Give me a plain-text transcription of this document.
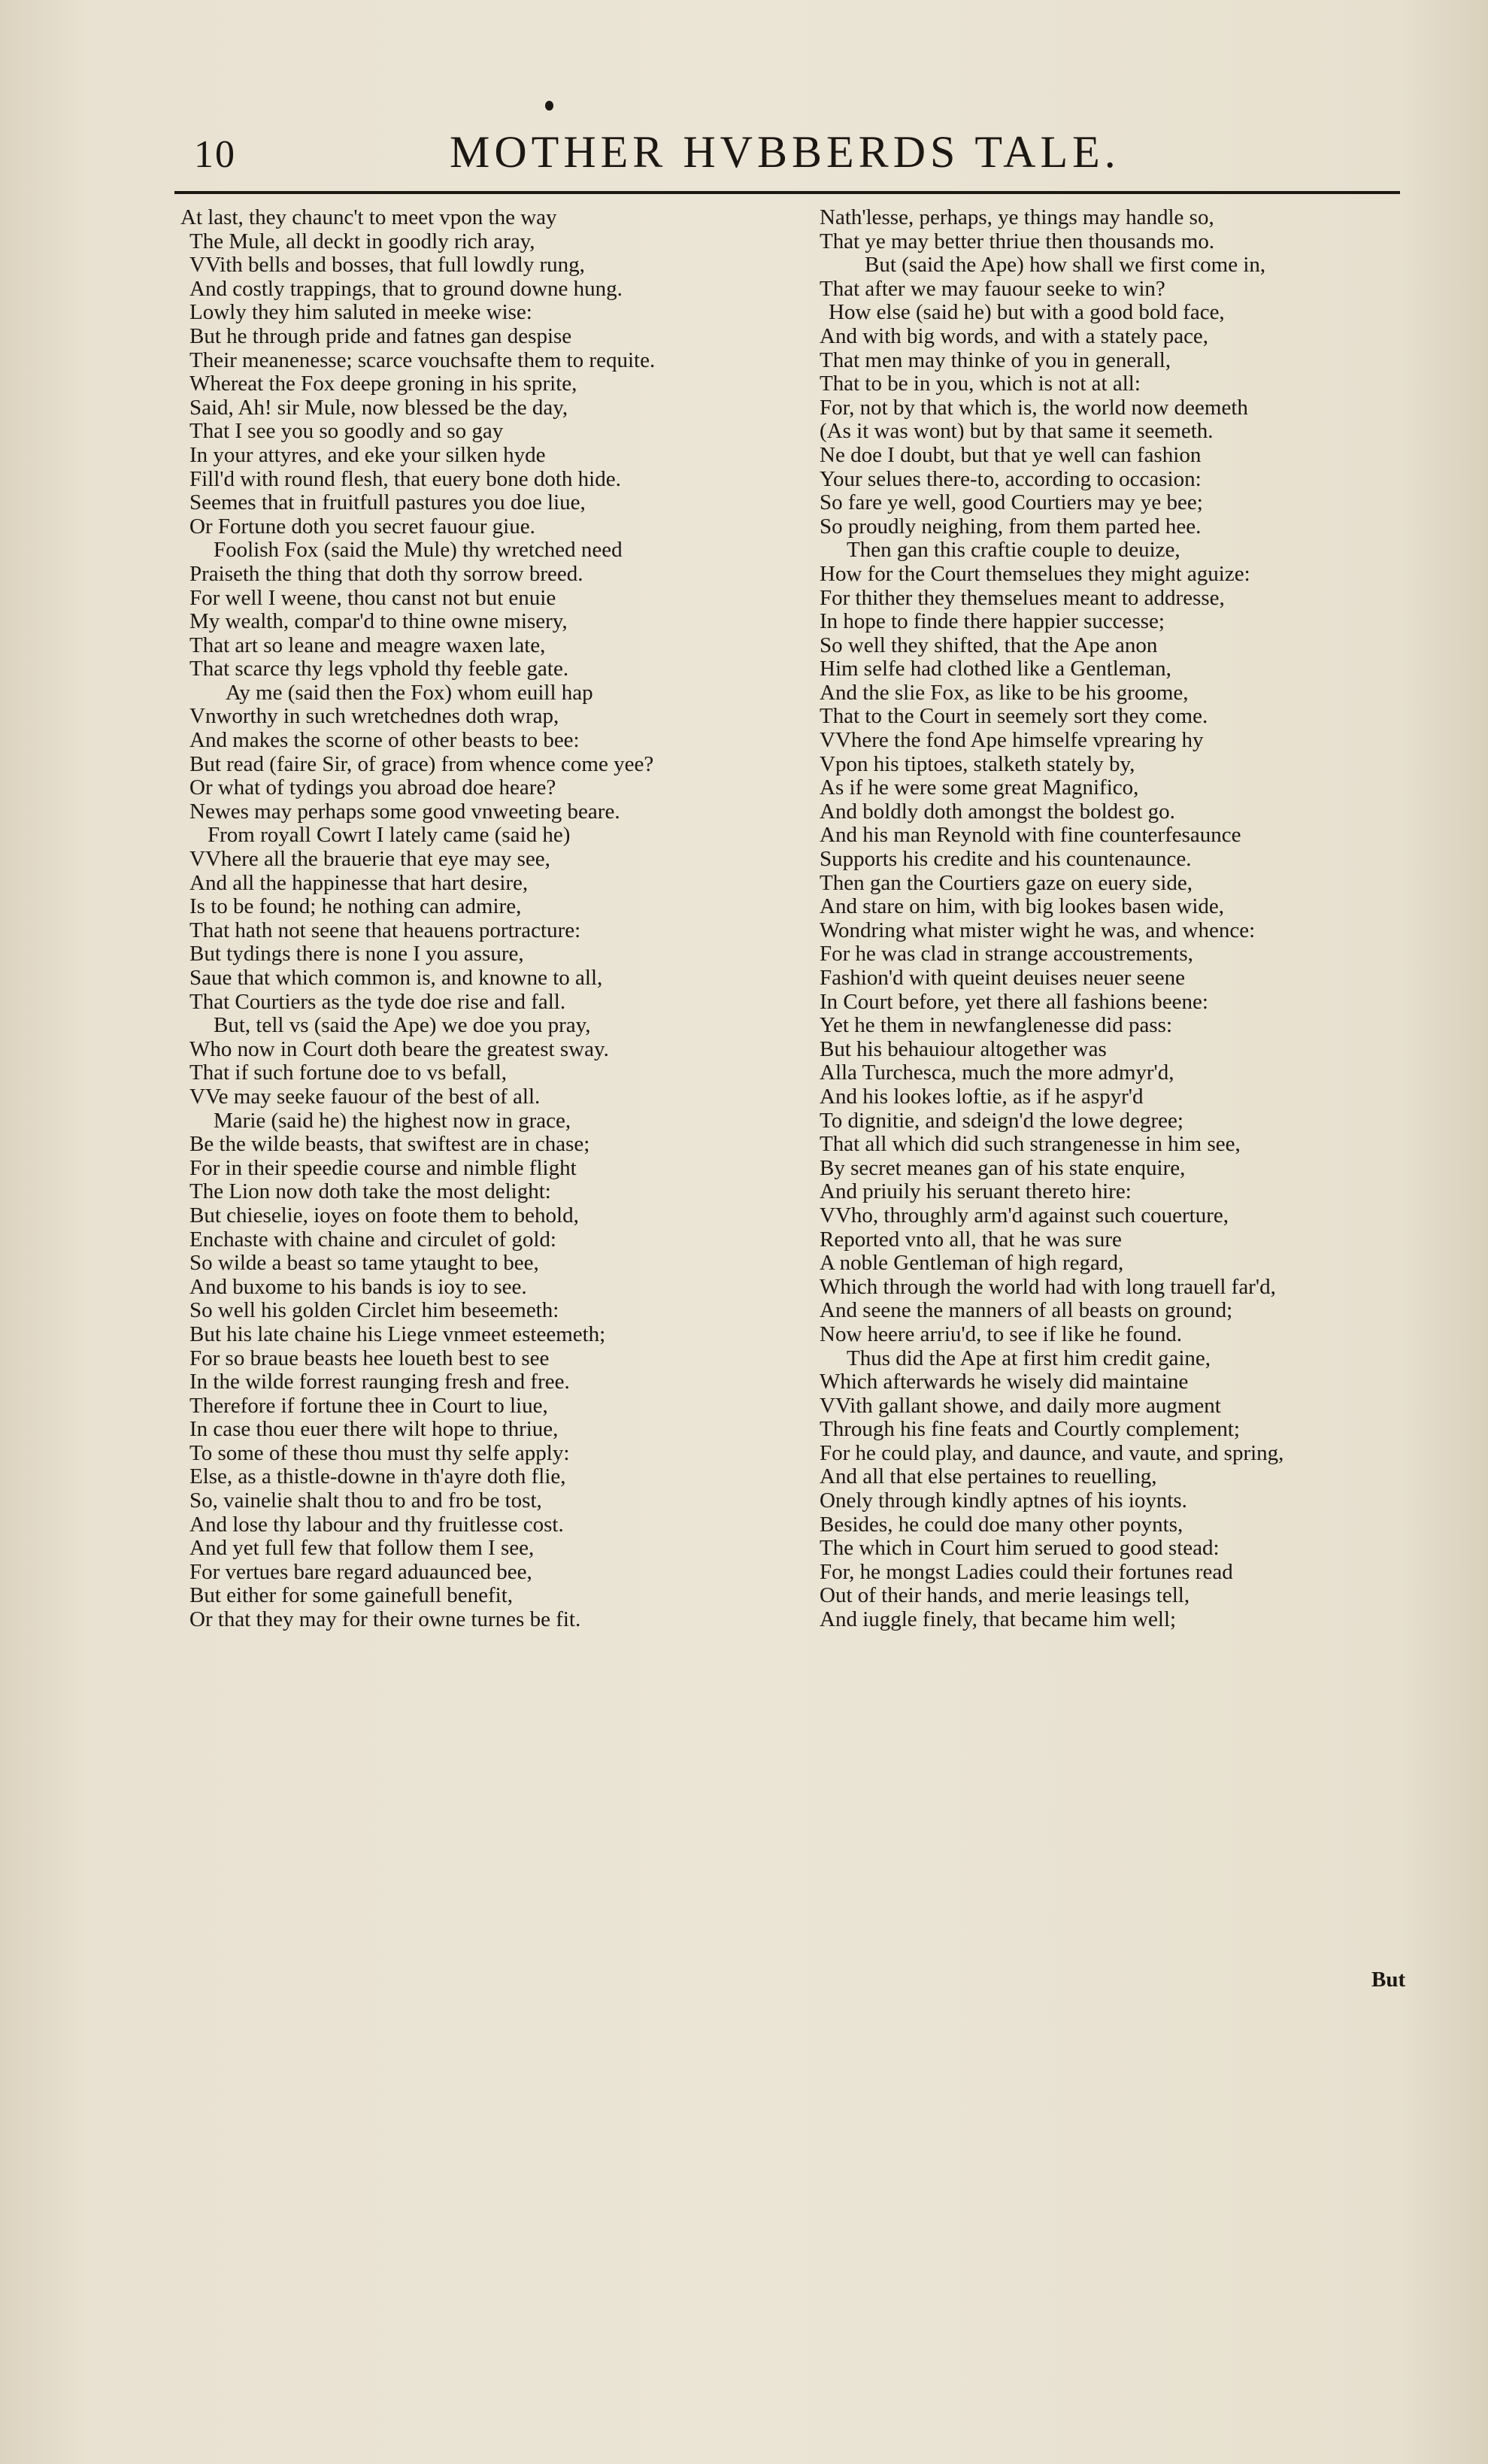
10	MOTHER HVBBERDS TALE.
At last, they chaunc't to meet vpon the way
The Mule, all deckt in goodly rich aray,
VVith bells and bosses, that full lowdly rung,
And costly trappings, that to ground downe hung.
Lowly they him saluted in meeke wise:
But he through pride and fatnes gan despise
Their meanenesse; scarce vouchsafte them to requite.
Whereat the Fox deepe groning in his sprite,
Said, Ah! sir Mule, now blessed be the day,
That I see you so goodly and so gay
In your attyres, and eke your silken hyde
Fill'd with round flesh, that euery bone doth hide.
Seemes that in fruitfull pastures you doe liue,
Or Fortune doth you secret fauour giue.
Foolish Fox (said the Mule) thy wretched need
Praiseth the thing that doth thy sorrow breed.
For well I weene, thou canst not but enuie
My wealth, compar'd to thine owne misery,
That art so leane and meagre waxen late,
That scarce thy legs vphold thy feeble gate.
Ay me (said then the Fox) whom euill hap
Vnworthy in such wretchednes doth wrap,
And makes the scorne of other beasts to bee:
But read (faire Sir, of grace) from whence come yee?
Or what of tydings you abroad doe heare?
Newes may perhaps some good vnweeting beare.
From royall Cowrt I lately came (said he)
VVhere all the brauerie that eye may see,
And all the happinesse that hart desire,
Is to be found; he nothing can admire,
That hath not seene that heauens portracture:
But tydings there is none I you assure,
Saue that which common is, and knowne to all,
That Courtiers as the tyde doe rise and fall.
But, tell vs (said the Ape) we doe you pray,
Who now in Court doth beare the greatest sway.
That if such fortune doe to vs befall,
VVe may seeke fauour of the best of all.
Marie (said he) the highest now in grace,
Be the wilde beasts, that swiftest are in chase;
For in their speedie course and nimble flight
The Lion now doth take the most delight:
But chieselie, ioyes on foote them to behold,
Enchaste with chaine and circulet of gold:
So wilde a beast so tame ytaught to bee,
And buxome to his bands is ioy to see.
So well his golden Circlet him beseemeth:
But his late chaine his Liege vnmeet esteemeth;
For so braue beasts hee loueth best to see
In the wilde forrest raunging fresh and free.
Therefore if fortune thee in Court to liue,
In case thou euer there wilt hope to thriue,
To some of these thou must thy selfe apply:
Else, as a thistle-downe in th'ayre doth flie,
So, vainelie shalt thou to and fro be tost,
And lose thy labour and thy fruitlesse cost.
And yet full few that follow them I see,
For vertues bare regard aduaunced bee,
But either for some gainefull benefit,
Or that they may for their owne turnes be fit.
Nath'lesse, perhaps, ye things may handle so,
That ye may better thriue then thousands mo.
But (said the Ape) how shall we first come in,
That after we may fauour seeke to win?
How else (said he) but with a good bold face,
And with big words, and with a stately pace,
That men may thinke of you in generall,
That to be in you, which is not at all:
For, not by that which is, the world now deemeth
(As it was wont) but by that same it seemeth.
Ne doe I doubt, but that ye well can fashion
Your selues there-to, according to occasion:
So fare ye well, good Courtiers may ye bee;
So proudly neighing, from them parted hee.
Then gan this craftie couple to deuize,
How for the Court themselues they might aguize:
For thither they themselues meant to addresse,
In hope to finde there happier successe;
So well they shifted, that the Ape anon
Him selfe had clothed like a Gentleman,
And the slie Fox, as like to be his groome,
That to the Court in seemely sort they come.
VVhere the fond Ape himselfe vprearing hy
Vpon his tiptoes, stalketh stately by,
As if he were some great Magnifico,
And boldly doth amongst the boldest go.
And his man Reynold with fine counterfesaunce
Supports his credite and his countenaunce.
Then gan the Courtiers gaze on euery side,
And stare on him, with big lookes basen wide,
Wondring what mister wight he was, and whence:
For he was clad in strange accoustrements,
Fashion'd with queint deuises neuer seene
In Court before, yet there all fashions beene:
Yet he them in newfanglenesse did pass:
But his behauiour altogether was
Alla Turchesca, much the more admyr'd,
And his lookes loftie, as if he aspyr'd
To dignitie, and sdeign'd the lowe degree;
That all which did such strangenesse in him see,
By secret meanes gan of his state enquire,
And priuily his seruant thereto hire:
VVho, throughly arm'd against such couerture,
Reported vnto all, that he was sure
A noble Gentleman of high regard,
Which through the world had with long trauell far'd,
And seene the manners of all beasts on ground;
Now heere arriu'd, to see if like he found.
Thus did the Ape at first him credit gaine,
Which afterwards he wisely did maintaine
VVith gallant showe, and daily more augment
Through his fine feats and Courtly complement;
For he could play, and daunce, and vaute, and spring,
And all that else pertaines to reuelling,
Onely through kindly aptnes of his ioynts.
Besides, he could doe many other poynts,
The which in Court him serued to good stead:
For, he mongst Ladies could their fortunes read
Out of their hands, and merie leasings tell,
And iuggle finely, that became him well;
But
